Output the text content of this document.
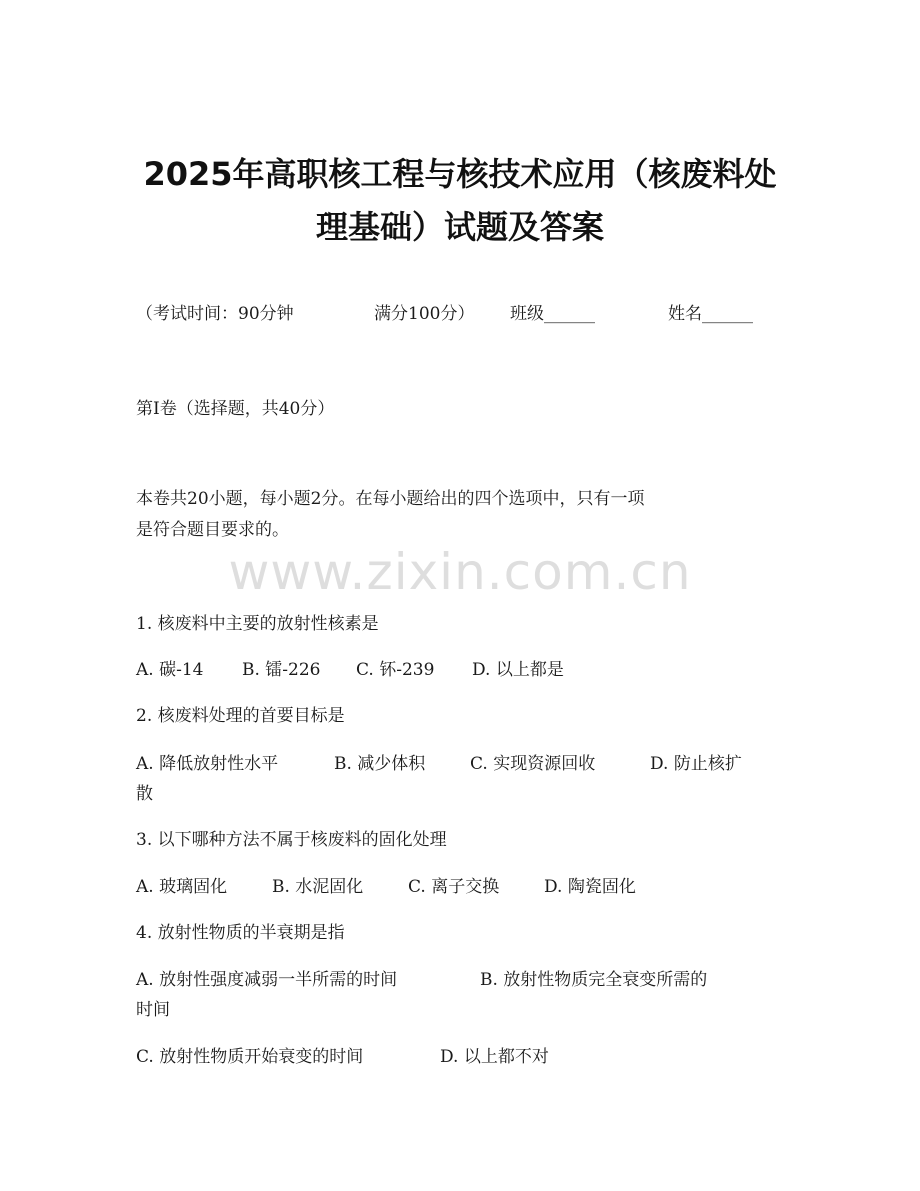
www.zixin.com.cn
2025年高职核工程与核技术应用（核废料处
理基础）试题及答案
（考试时间：90分钟	满分100分） 班级______	姓名______
第I卷（选择题，共40分）
本卷共20小题，每小题2分。在每小题给出的四个选项中，只有一项
是符合题目要求的。
1. 核废料中主要的放射性核素是
A. 碳-14 B. 镭-226 C. 钚-239 D. 以上都是
2. 核废料处理的首要目标是
A. 降低放射性水平	B. 减少体积	C. 实现资源回收	D. 防止核扩
散
3. 以下哪种方法不属于核废料的固化处理
A. 玻璃固化	B. 水泥固化	C. 离子交换	D. 陶瓷固化
4. 放射性物质的半衰期是指
A. 放射性强度减弱一半所需的时间	B. 放射性物质完全衰变所需的
时间
C. 放射性物质开始衰变的时间	D. 以上都不对
